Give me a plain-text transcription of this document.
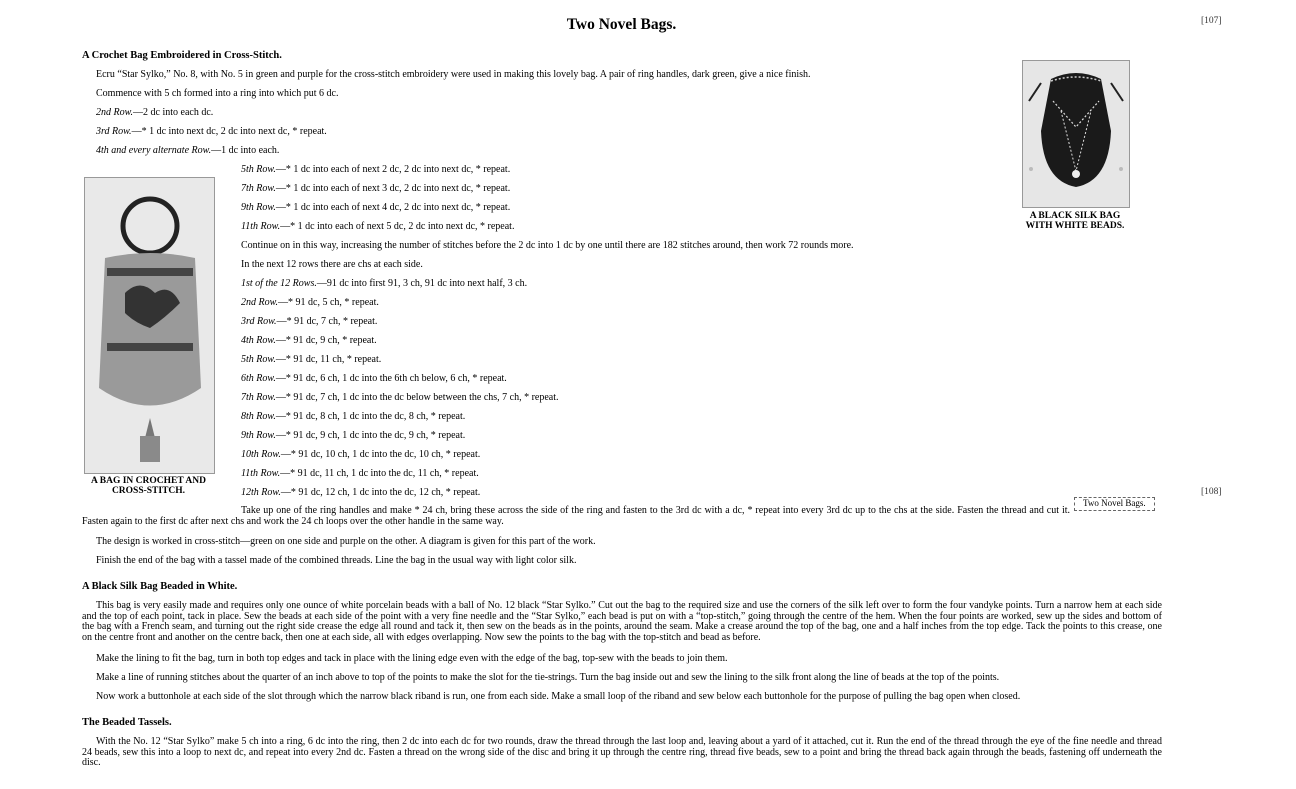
Two Novel Bags.	[107]
[108]
Two Novel Bags.
A BLACK SILK BAG WITH WHITE BEADS.
A BAG IN CROCHET AND CROSS-STITCH.
A Crochet Bag Embroidered in Cross-Stitch.
Ecru “Star Sylko,” No. 8, with No. 5 in green and purple for the cross-stitch embroidery were used in making this lovely bag. A pair of ring handles, dark green, give a nice finish.
Commence with 5 ch formed into a ring into which put 6 dc.
2nd Row.—2 dc into each dc.
3rd Row.—* 1 dc into next dc, 2 dc into next dc, * repeat.
4th and every alternate Row.—1 dc into each.
5th Row.—* 1 dc into each of next 2 dc, 2 dc into next dc, * repeat.
7th Row.—* 1 dc into each of next 3 dc, 2 dc into next dc, * repeat.
9th Row.—* 1 dc into each of next 4 dc, 2 dc into next dc, * repeat.
11th Row.—* 1 dc into each of next 5 dc, 2 dc into next dc, * repeat.
Continue on in this way, increasing the number of stitches before the 2 dc into 1 dc by one until there are 182 stitches around, then work 72 rounds more.
In the next 12 rows there are chs at each side.
1st of the 12 Rows.—91 dc into first 91, 3 ch, 91 dc into next half, 3 ch.
2nd Row.—* 91 dc, 5 ch, * repeat.
3rd Row.—* 91 dc, 7 ch, * repeat.
4th Row.—* 91 dc, 9 ch, * repeat.
5th Row.—* 91 dc, 11 ch, * repeat.
6th Row.—* 91 dc, 6 ch, 1 dc into the 6th ch below, 6 ch, * repeat.
7th Row.—* 91 dc, 7 ch, 1 dc into the dc below between the chs, 7 ch, * repeat.
8th Row.—* 91 dc, 8 ch, 1 dc into the dc, 8 ch, * repeat.
9th Row.—* 91 dc, 9 ch, 1 dc into the dc, 9 ch, * repeat.
10th Row.—* 91 dc, 10 ch, 1 dc into the dc, 10 ch, * repeat.
11th Row.—* 91 dc, 11 ch, 1 dc into the dc, 11 ch, * repeat.
12th Row.—* 91 dc, 12 ch, 1 dc into the dc, 12 ch, * repeat.
Take up one of the ring handles and make * 24 ch, bring these across the side of the ring and fasten to the 3rd dc with a dc, * repeat into every 3rd dc up to the chs at the side. Fasten the thread and cut it. Fasten again to the first dc after next chs and work the 24 ch loops over the other handle in the same way.
The design is worked in cross-stitch—green on one side and purple on the other. A diagram is given for this part of the work.
Finish the end of the bag with a tassel made of the combined threads. Line the bag in the usual way with light color silk.
A Black Silk Bag Beaded in White.
This bag is very easily made and requires only one ounce of white porcelain beads with a ball of No. 12 black “Star Sylko.” Cut out the bag to the required size and use the corners of the silk left over to form the four vandyke points. Turn a narrow hem at each side and the top of each point, tack in place. Sew the beads at each side of the point with a very fine needle and the “Star Sylko,” each bead is put on with a “top-stitch,” going through the centre of the hem. When the four points are worked, sew up the sides and bottom of the bag with a French seam, and turning out the right side crease the edge all round and tack it, then sew on the beads as in the points, around the seam. Make a crease around the top of the bag, one and a half inches from the top edge. Tack the points to this crease, one on the centre front and another on the centre back, then one at each side, all with edges overlapping. Now sew the points to the bag with the top-stitch and bead as before.
Make the lining to fit the bag, turn in both top edges and tack in place with the lining edge even with the edge of the bag, top-sew with the beads to join them.
Make a line of running stitches about the quarter of an inch above to top of the points to make the slot for the tie-strings. Turn the bag inside out and sew the lining to the silk front along the line of beads at the top of the points.
Now work a buttonhole at each side of the slot through which the narrow black riband is run, one from each side. Make a small loop of the riband and sew below each buttonhole for the purpose of pulling the bag open when closed.
The Beaded Tassels.
With the No. 12 “Star Sylko” make 5 ch into a ring, 6 dc into the ring, then 2 dc into each dc for two rounds, draw the thread through the last loop and, leaving about a yard of it attached, cut it. Run the end of the thread through the eye of the fine needle and thread 24 beads, sew this into a loop to next dc, and repeat into every 2nd dc. Fasten a thread on the wrong side of the disc and bring it up through the centre ring, thread five beads, sew to a point and bring the thread back again through the beads, fastening off underneath the disc.
